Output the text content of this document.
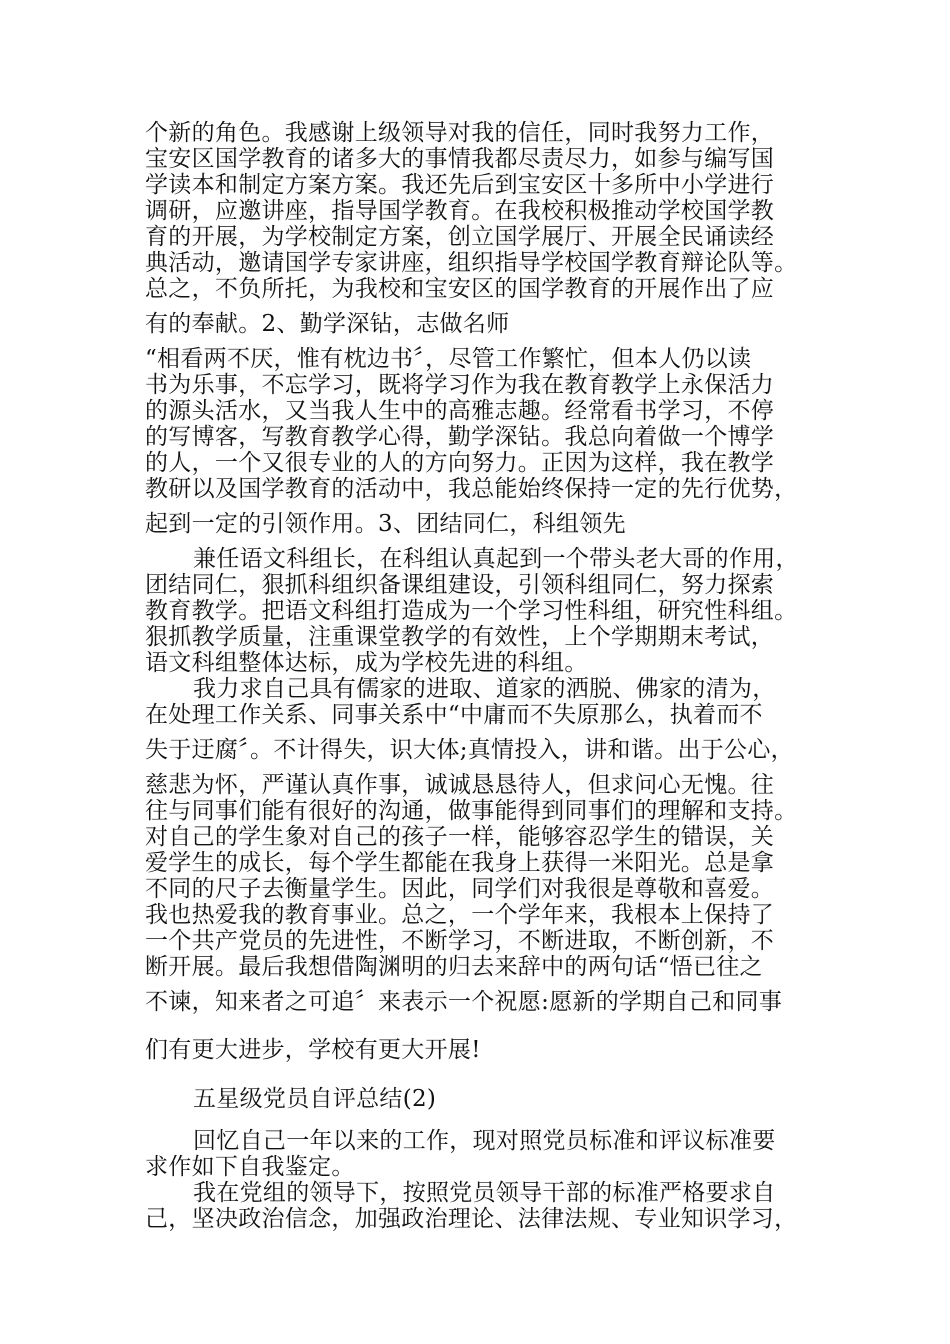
个新的角色。我感谢上级领导对我的信任，同时我努力工作，
宝安区国学教育的诸多大的事情我都尽责尽力，如参与编写国
学读本和制定方案方案。我还先后到宝安区十多所中小学进行
调研，应邀讲座，指导国学教育。在我校积极推动学校国学教
育的开展，为学校制定方案，创立国学展厅、开展全民诵读经
典活动，邀请国学专家讲座，组织指导学校国学教育辩论队等。
总之，不负所托，为我校和宝安区的国学教育的开展作出了应
有的奉献。2、勤学深钻，志做名师
“相看两不厌，惟有枕边书〞，尽管工作繁忙，但本人仍以读
书为乐事，不忘学习，既将学习作为我在教育教学上永保活力
的源头活水，又当我人生中的高雅志趣。经常看书学习，不停
的写博客，写教育教学心得，勤学深钻。我总向着做一个博学
的人，一个又很专业的人的方向努力。正因为这样，我在教学
教研以及国学教育的活动中，我总能始终保持一定的先行优势，
起到一定的引领作用。3、团结同仁，科组领先
兼任语文科组长，在科组认真起到一个带头老大哥的作用，
团结同仁，狠抓科组织备课组建设，引领科组同仁，努力探索
教育教学。把语文科组打造成为一个学习性科组，研究性科组。
狠抓教学质量，注重课堂教学的有效性，上个学期期末考试，
语文科组整体达标，成为学校先进的科组。
我力求自己具有儒家的进取、道家的洒脱、佛家的清为，
在处理工作关系、同事关系中“中庸而不失原那么，执着而不
失于迂腐〞。不计得失，识大体;真情投入，讲和谐。出于公心，
慈悲为怀，严谨认真作事，诚诚恳恳待人，但求问心无愧。往
往与同事们能有很好的沟通，做事能得到同事们的理解和支持。
对自己的学生象对自己的孩子一样，能够容忍学生的错误，关
爱学生的成长，每个学生都能在我身上获得一米阳光。总是拿
不同的尺子去衡量学生。因此，同学们对我很是尊敬和喜爱。
我也热爱我的教育事业。总之，一个学年来，我根本上保持了
一个共产党员的先进性，不断学习，不断进取，不断创新，不
断开展。最后我想借陶渊明的归去来辞中的两句话“悟已往之
不谏，知来者之可追〞来表示一个祝愿:愿新的学期自己和同事
们有更大进步，学校有更大开展!
五星级党员自评总结(2)
回忆自己一年以来的工作，现对照党员标准和评议标准要
求作如下自我鉴定。
我在党组的领导下，按照党员领导干部的标准严格要求自
己，坚决政治信念，加强政治理论、法律法规、专业知识学习，
